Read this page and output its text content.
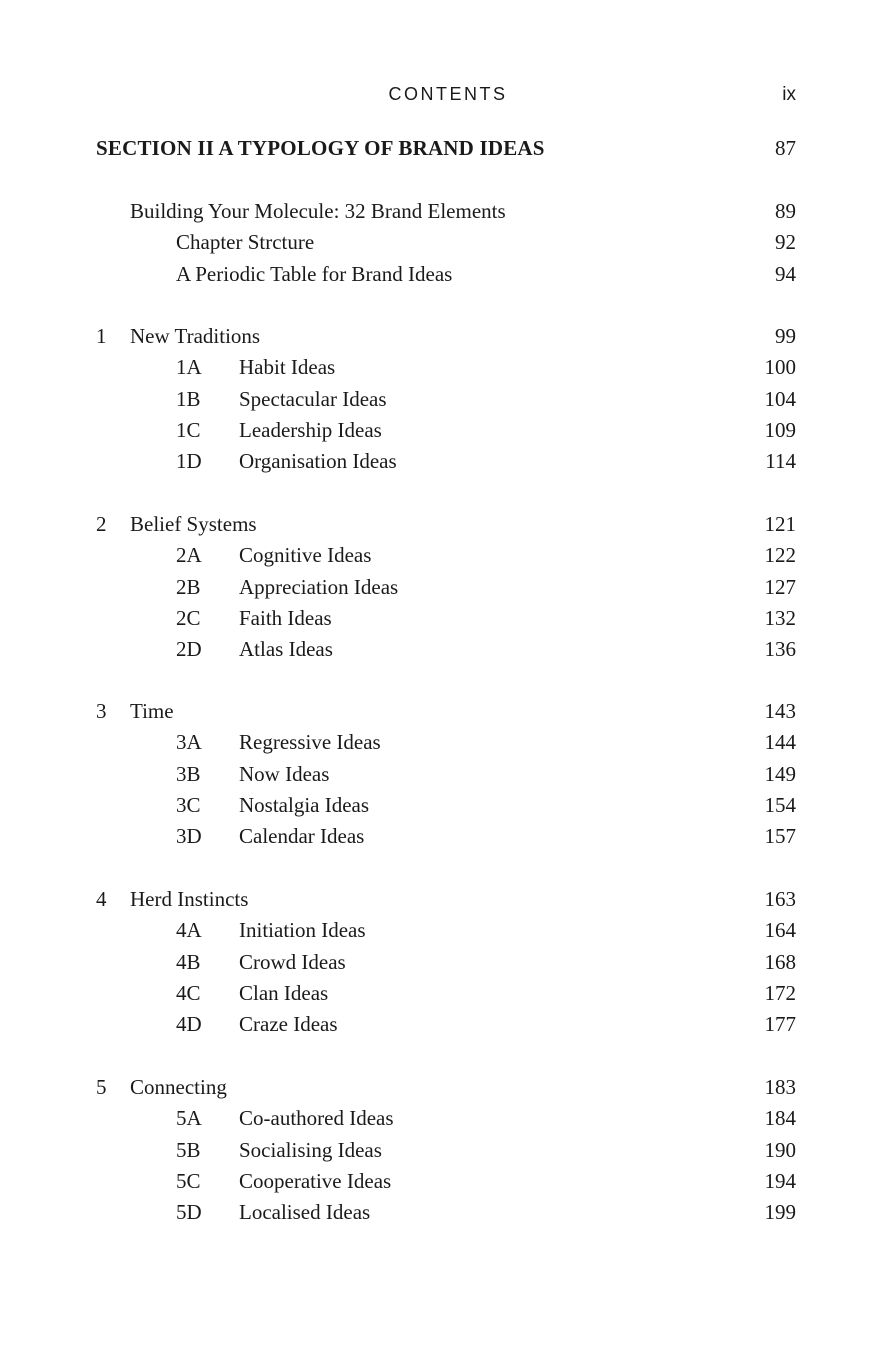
CONTENTS	ix
SECTION II A TYPOLOGY OF BRAND IDEAS	87
Building Your Molecule: 32 Brand Elements	89
Chapter Strcture	92
A Periodic Table for Brand Ideas	94
1 New Traditions	99
1A Habit Ideas	100
1B Spectacular Ideas	104
1C Leadership Ideas	109
1D Organisation Ideas	114
2 Belief Systems	121
2A Cognitive Ideas	122
2B Appreciation Ideas	127
2C Faith Ideas	132
2D Atlas Ideas	136
3 Time	143
3A Regressive Ideas	144
3B Now Ideas	149
3C Nostalgia Ideas	154
3D Calendar Ideas	157
4 Herd Instincts	163
4A Initiation Ideas	164
4B Crowd Ideas	168
4C Clan Ideas	172
4D Craze Ideas	177
5 Connecting	183
5A Co-authored Ideas	184
5B Socialising Ideas	190
5C Cooperative Ideas	194
5D Localised Ideas	199
